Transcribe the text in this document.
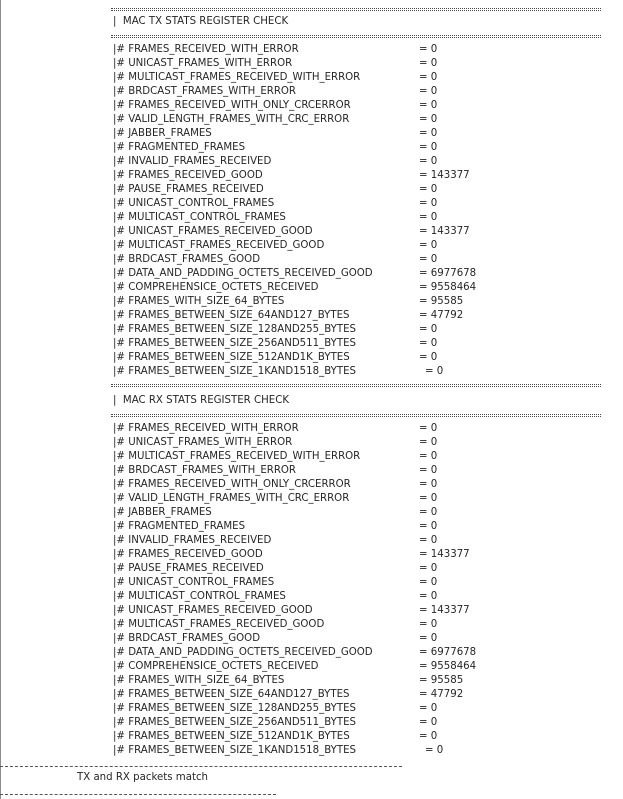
|  MAC TX STATS REGISTER CHECK
|# FRAMES_RECEIVED_WITH_ERROR	= 0
|# UNICAST_FRAMES_WITH_ERROR	= 0
|# MULTICAST_FRAMES_RECEIVED_WITH_ERROR	= 0
|# BRDCAST_FRAMES_WITH_ERROR	= 0
|# FRAMES_RECEIVED_WITH_ONLY_CRCERROR	= 0
|# VALID_LENGTH_FRAMES_WITH_CRC_ERROR	= 0
|# JABBER_FRAMES	= 0
|# FRAGMENTED_FRAMES	= 0
|# INVALID_FRAMES_RECEIVED	= 0
|# FRAMES_RECEIVED_GOOD	= 143377
|# PAUSE_FRAMES_RECEIVED	= 0
|# UNICAST_CONTROL_FRAMES	= 0
|# MULTICAST_CONTROL_FRAMES	= 0
|# UNICAST_FRAMES_RECEIVED_GOOD	= 143377
|# MULTICAST_FRAMES_RECEIVED_GOOD	= 0
|# BRDCAST_FRAMES_GOOD	= 0
|# DATA_AND_PADDING_OCTETS_RECEIVED_GOOD	= 6977678
|# COMPREHENSICE_OCTETS_RECEIVED	= 9558464
|# FRAMES_WITH_SIZE_64_BYTES	= 95585
|# FRAMES_BETWEEN_SIZE_64AND127_BYTES	= 47792
|# FRAMES_BETWEEN_SIZE_128AND255_BYTES	= 0
|# FRAMES_BETWEEN_SIZE_256AND511_BYTES	= 0
|# FRAMES_BETWEEN_SIZE_512AND1K_BYTES	= 0
|# FRAMES_BETWEEN_SIZE_1KAND1518_BYTES	= 0
|  MAC RX STATS REGISTER CHECK
|# FRAMES_RECEIVED_WITH_ERROR	= 0
|# UNICAST_FRAMES_WITH_ERROR	= 0
|# MULTICAST_FRAMES_RECEIVED_WITH_ERROR	= 0
|# BRDCAST_FRAMES_WITH_ERROR	= 0
|# FRAMES_RECEIVED_WITH_ONLY_CRCERROR	= 0
|# VALID_LENGTH_FRAMES_WITH_CRC_ERROR	= 0
|# JABBER_FRAMES	= 0
|# FRAGMENTED_FRAMES	= 0
|# INVALID_FRAMES_RECEIVED	= 0
|# FRAMES_RECEIVED_GOOD	= 143377
|# PAUSE_FRAMES_RECEIVED	= 0
|# UNICAST_CONTROL_FRAMES	= 0
|# MULTICAST_CONTROL_FRAMES	= 0
|# UNICAST_FRAMES_RECEIVED_GOOD	= 143377
|# MULTICAST_FRAMES_RECEIVED_GOOD	= 0
|# BRDCAST_FRAMES_GOOD	= 0
|# DATA_AND_PADDING_OCTETS_RECEIVED_GOOD	= 6977678
|# COMPREHENSICE_OCTETS_RECEIVED	= 9558464
|# FRAMES_WITH_SIZE_64_BYTES	= 95585
|# FRAMES_BETWEEN_SIZE_64AND127_BYTES	= 47792
|# FRAMES_BETWEEN_SIZE_128AND255_BYTES	= 0
|# FRAMES_BETWEEN_SIZE_256AND511_BYTES	= 0
|# FRAMES_BETWEEN_SIZE_512AND1K_BYTES	= 0
|# FRAMES_BETWEEN_SIZE_1KAND1518_BYTES	= 0
TX and RX packets match
